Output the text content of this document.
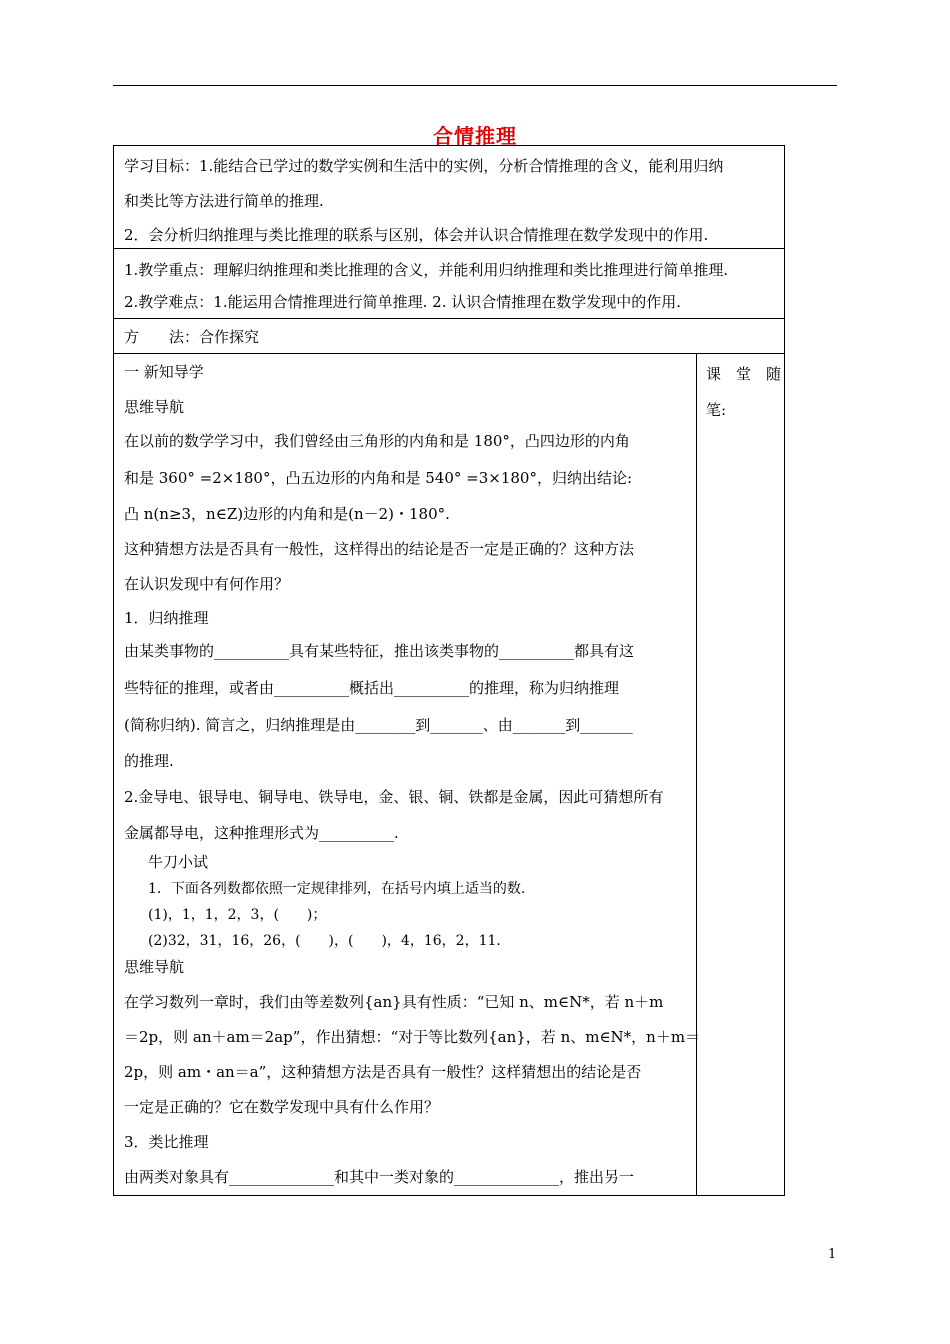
合情推理
学习目标：1.能结合已学过的数学实例和生活中的实例，分析合情推理的含义，能利用归纳
和类比等方法进行简单的推理.
2．会分析归纳推理与类比推理的联系与区别，体会并认识合情推理在数学发现中的作用.
1.教学重点：理解归纳推理和类比推理的含义，并能利用归纳推理和类比推理进行简单推理.
2.教学难点：1.能运用合情推理进行简单推理. 2. 认识合情推理在数学发现中的作用.
方　　法：合作探究
课　堂　随
笔:
一 新知导学
思维导航
在以前的数学学习中，我们曾经由三角形的内角和是 180°，凸四边形的内角
和是 360° =2×180°，凸五边形的内角和是 540° =3×180°，归纳出结论:
凸 n(n≥3，n∈Z)边形的内角和是(n－2)・180°.
这种猜想方法是否具有一般性，这样得出的结论是否一定是正确的？这种方法
在认识发现中有何作用？
1．归纳推理
由某类事物的__________具有某些特征，推出该类事物的__________都具有这
些特征的推理，或者由__________概括出__________的推理，称为归纳推理
(简称归纳). 简言之，归纳推理是由________到_______、由_______到_______
的推理.
2.金导电、银导电、铜导电、铁导电，金、银、铜、铁都是金属，因此可猜想所有
金属都导电，这种推理形式为__________.
牛刀小试
1．下面各列数都依照一定规律排列，在括号内填上适当的数.
(1)，1，1，2，3，(　　)；
(2)32，31，16，26，(　　)，(　　)，4，16，2，11.
思维导航
在学习数列一章时，我们由等差数列{an}具有性质：“已知 n、m∈N*，若 n＋m
＝2p，则 an＋am＝2ap”，作出猜想：“对于等比数列{an}，若 n、m∈N*，n＋m＝
2p，则 am・an＝a”，这种猜想方法是否具有一般性？这样猜想出的结论是否
一定是正确的？它在数学发现中具有什么作用？
3．类比推理
由两类对象具有______________和其中一类对象的______________，推出另一
1
